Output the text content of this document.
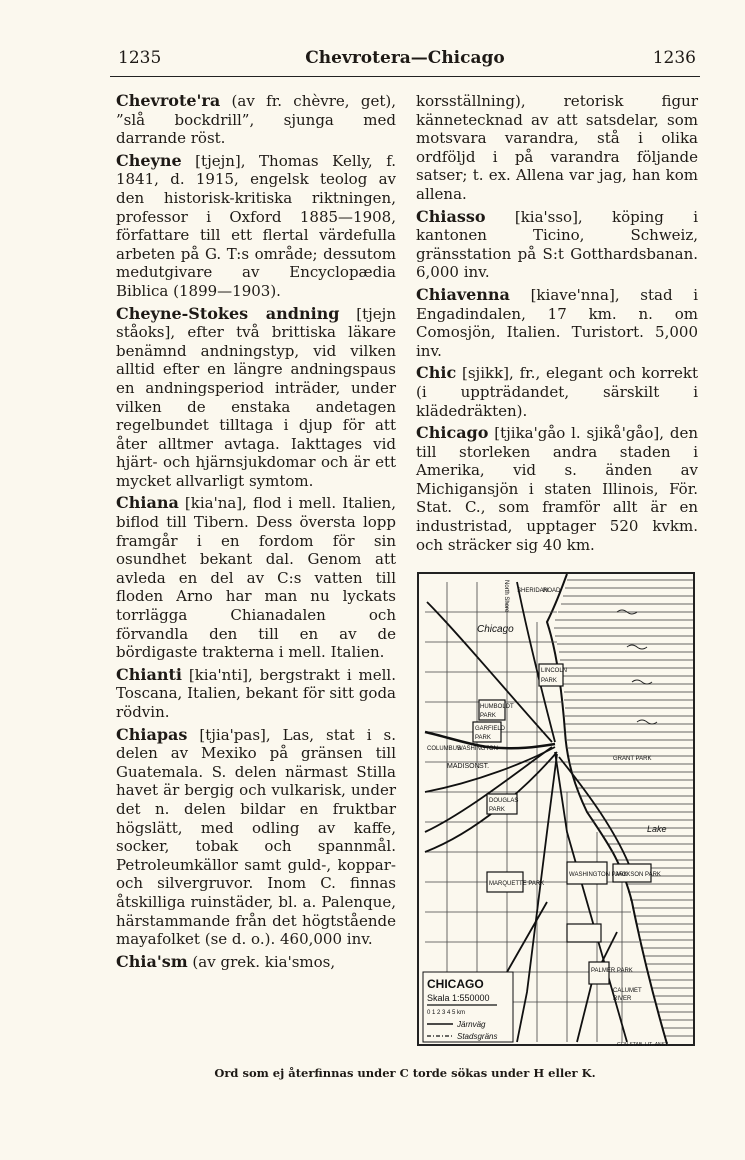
1235	Chevrotera—Chicago	1236

Chevrote'ra (av fr. chèvre, get), ”slå bockdrill”, sjunga med darrande röst.

Cheyne [tjejn], Thomas Kelly, f. 1841, d. 1915, engelsk teolog av den historisk-kritiska riktningen, professor i Oxford 1885—1908, författare till ett flertal värdefulla arbeten på G. T:s område; dessutom medutgivare av Encyclopædia Biblica (1899—1903).

Cheyne-Stokes andning [tjejn ståoks], efter två brittiska läkare benämnd andningstyp, vid vilken alltid efter en längre andningspaus en andningsperiod inträder, under vilken de enstaka andetagen regelbundet tilltaga i djup för att åter alltmer avtaga. Iakttages vid hjärt- och hjärnsjukdomar och är ett mycket allvarligt symtom.

Chiana [kia'na], flod i mell. Italien, biflod till Tibern. Dess översta lopp framgår i en fordom för sin osundhet bekant dal. Genom att avleda en del av C:s vatten till floden Arno har man nu lyckats torrlägga Chianadalen och förvandla den till en av de bördigaste trakterna i mell. Italien.

Chianti [kia'nti], bergstrakt i mell. Toscana, Italien, bekant för sitt goda rödvin.

Chiapas [tjia'pas], Las, stat i s. delen av Mexiko på gränsen till Guatemala. S. delen närmast Stilla havet är bergig och vulkarisk, under det n. delen bildar en fruktbar högslätt, med odling av kaffe, socker, tobak och spannmål. Petroleumkällor samt guld-, koppar- och silvergruvor. Inom C. finnas åtskilliga ruinstäder, bl. a. Palenque, härstammande från det högtstående mayafolket (se d. o.). 460,000 inv.

Chia'sm (av grek. kia'smos,

korsställning), retorisk figur kännetecknad av att satsdelar, som motsvara varandra, stå i olika ordföljd i på varandra följande satser; t. ex. Allena var jag, han kom allena.

Chiasso [kia'sso], köping i kantonen Ticino, Schweiz, gränsstation på S:t Gotthardsbanan. 6,000 inv.

Chiavenna [kiave'nna], stad i Engadindalen, 17 km. n. om Comosjön, Italien. Turistort. 5,000 inv.

Chic [sjikk], fr., elegant och korrekt (i uppträdandet, särskilt i klädedräkten).

Chicago [tjika'gåo l. sjikå'gåo], den till storleken andra staden i Amerika, vid s. änden av Michigansjön i staten Illinois, För. Stat. C., som framför allt är en industristad, upptager 520 kvkm. och sträcker sig 40 km.

Chicago
LINCOLN
PARK
HUMBOLDT
PARK
GARFIELD
PARK
DOUGLAS
PARK
MADISON ST.
WASHINGTON
COLUMBUS
GRANT PARK
JACKSON PARK
WASHINGTON PARK
MARQUETTE PARK
PALMER PARK
CALUMET
RIVER
SHERIDAN
ROAD
North Shore
Lake
CHICAGO
Skala 1:550000
0 1 2 3 4 5 km
Järnväg
Stadsgräns
GEN-STAB. LIT.-ANST.
Ord som ej återfinnas under C torde sökas under H eller K.
